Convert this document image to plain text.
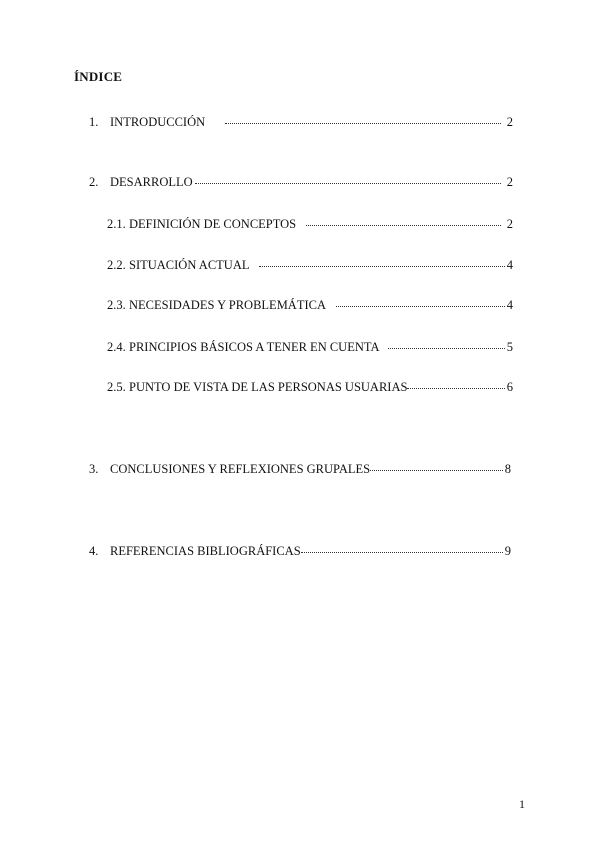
ÍNDICE
1. INTRODUCCIÓN	2
2. DESARROLLO	2
2.1. DEFINICIÓN DE CONCEPTOS	2
2.2. SITUACIÓN ACTUAL	4
2.3. NECESIDADES Y PROBLEMÁTICA	4
2.4. PRINCIPIOS BÁSICOS A TENER EN CUENTA	5
2.5. PUNTO DE VISTA DE LAS PERSONAS USUARIAS	6
3. CONCLUSIONES Y REFLEXIONES GRUPALES	8
4. REFERENCIAS BIBLIOGRÁFICAS	9
1
